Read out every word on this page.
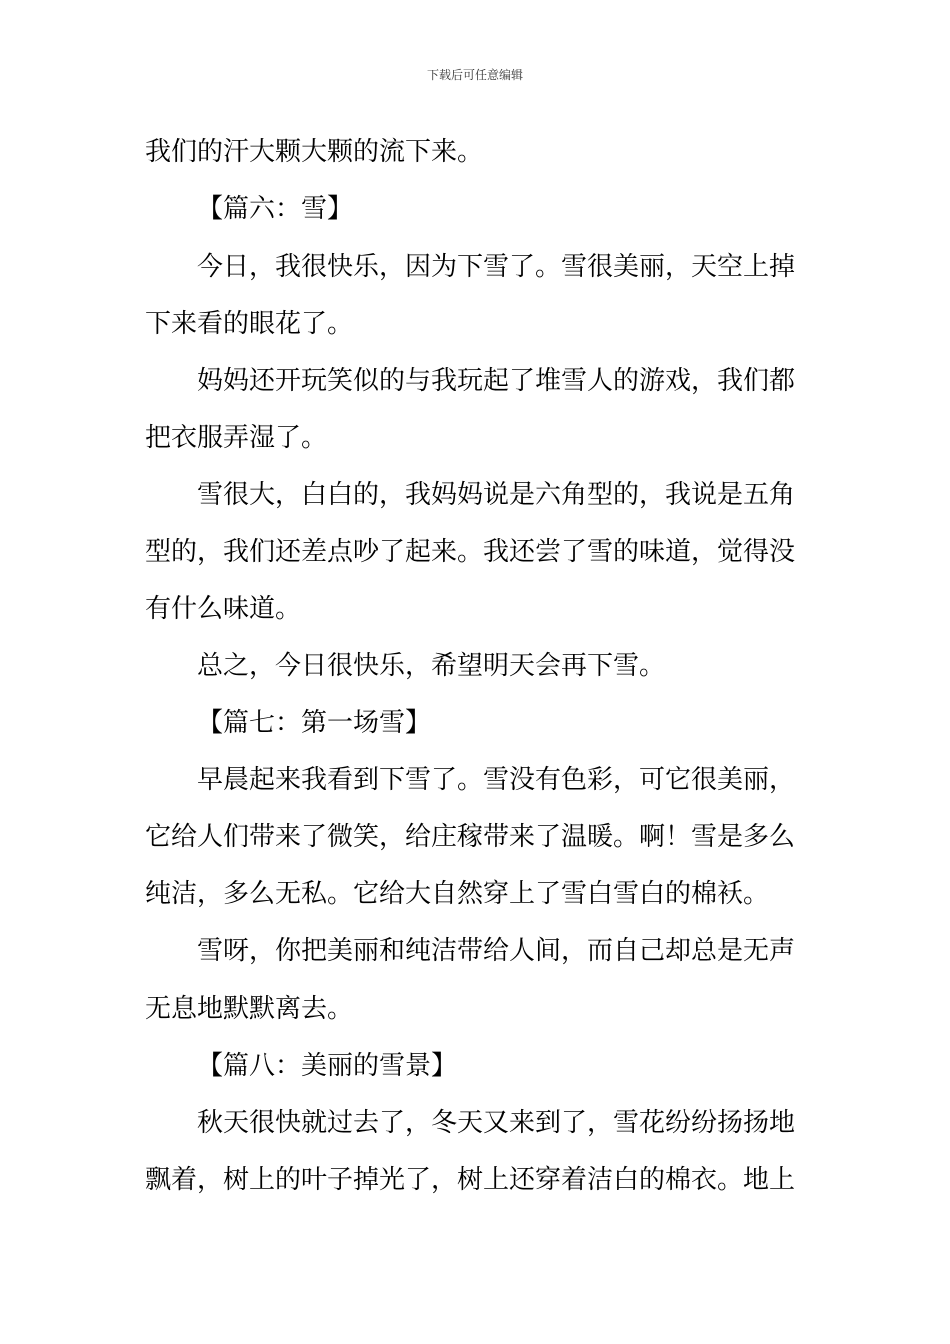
下载后可任意编辑
我们的汗大颗大颗的流下来。
【篇六：雪】
今日，我很快乐，因为下雪了。雪很美丽，天空上掉
下来看的眼花了。
妈妈还开玩笑似的与我玩起了堆雪人的游戏，我们都
把衣服弄湿了。
雪很大，白白的，我妈妈说是六角型的，我说是五角
型的，我们还差点吵了起来。我还尝了雪的味道，觉得没
有什么味道。
总之，今日很快乐，希望明天会再下雪。
【篇七：第一场雪】
早晨起来我看到下雪了。雪没有色彩，可它很美丽，
它给人们带来了微笑，给庄稼带来了温暖。啊！雪是多么
纯洁，多么无私。它给大自然穿上了雪白雪白的棉袄。
雪呀，你把美丽和纯洁带给人间，而自己却总是无声
无息地默默离去。
【篇八：美丽的雪景】
秋天很快就过去了，冬天又来到了，雪花纷纷扬扬地
飘着，树上的叶子掉光了，树上还穿着洁白的棉衣。地上
